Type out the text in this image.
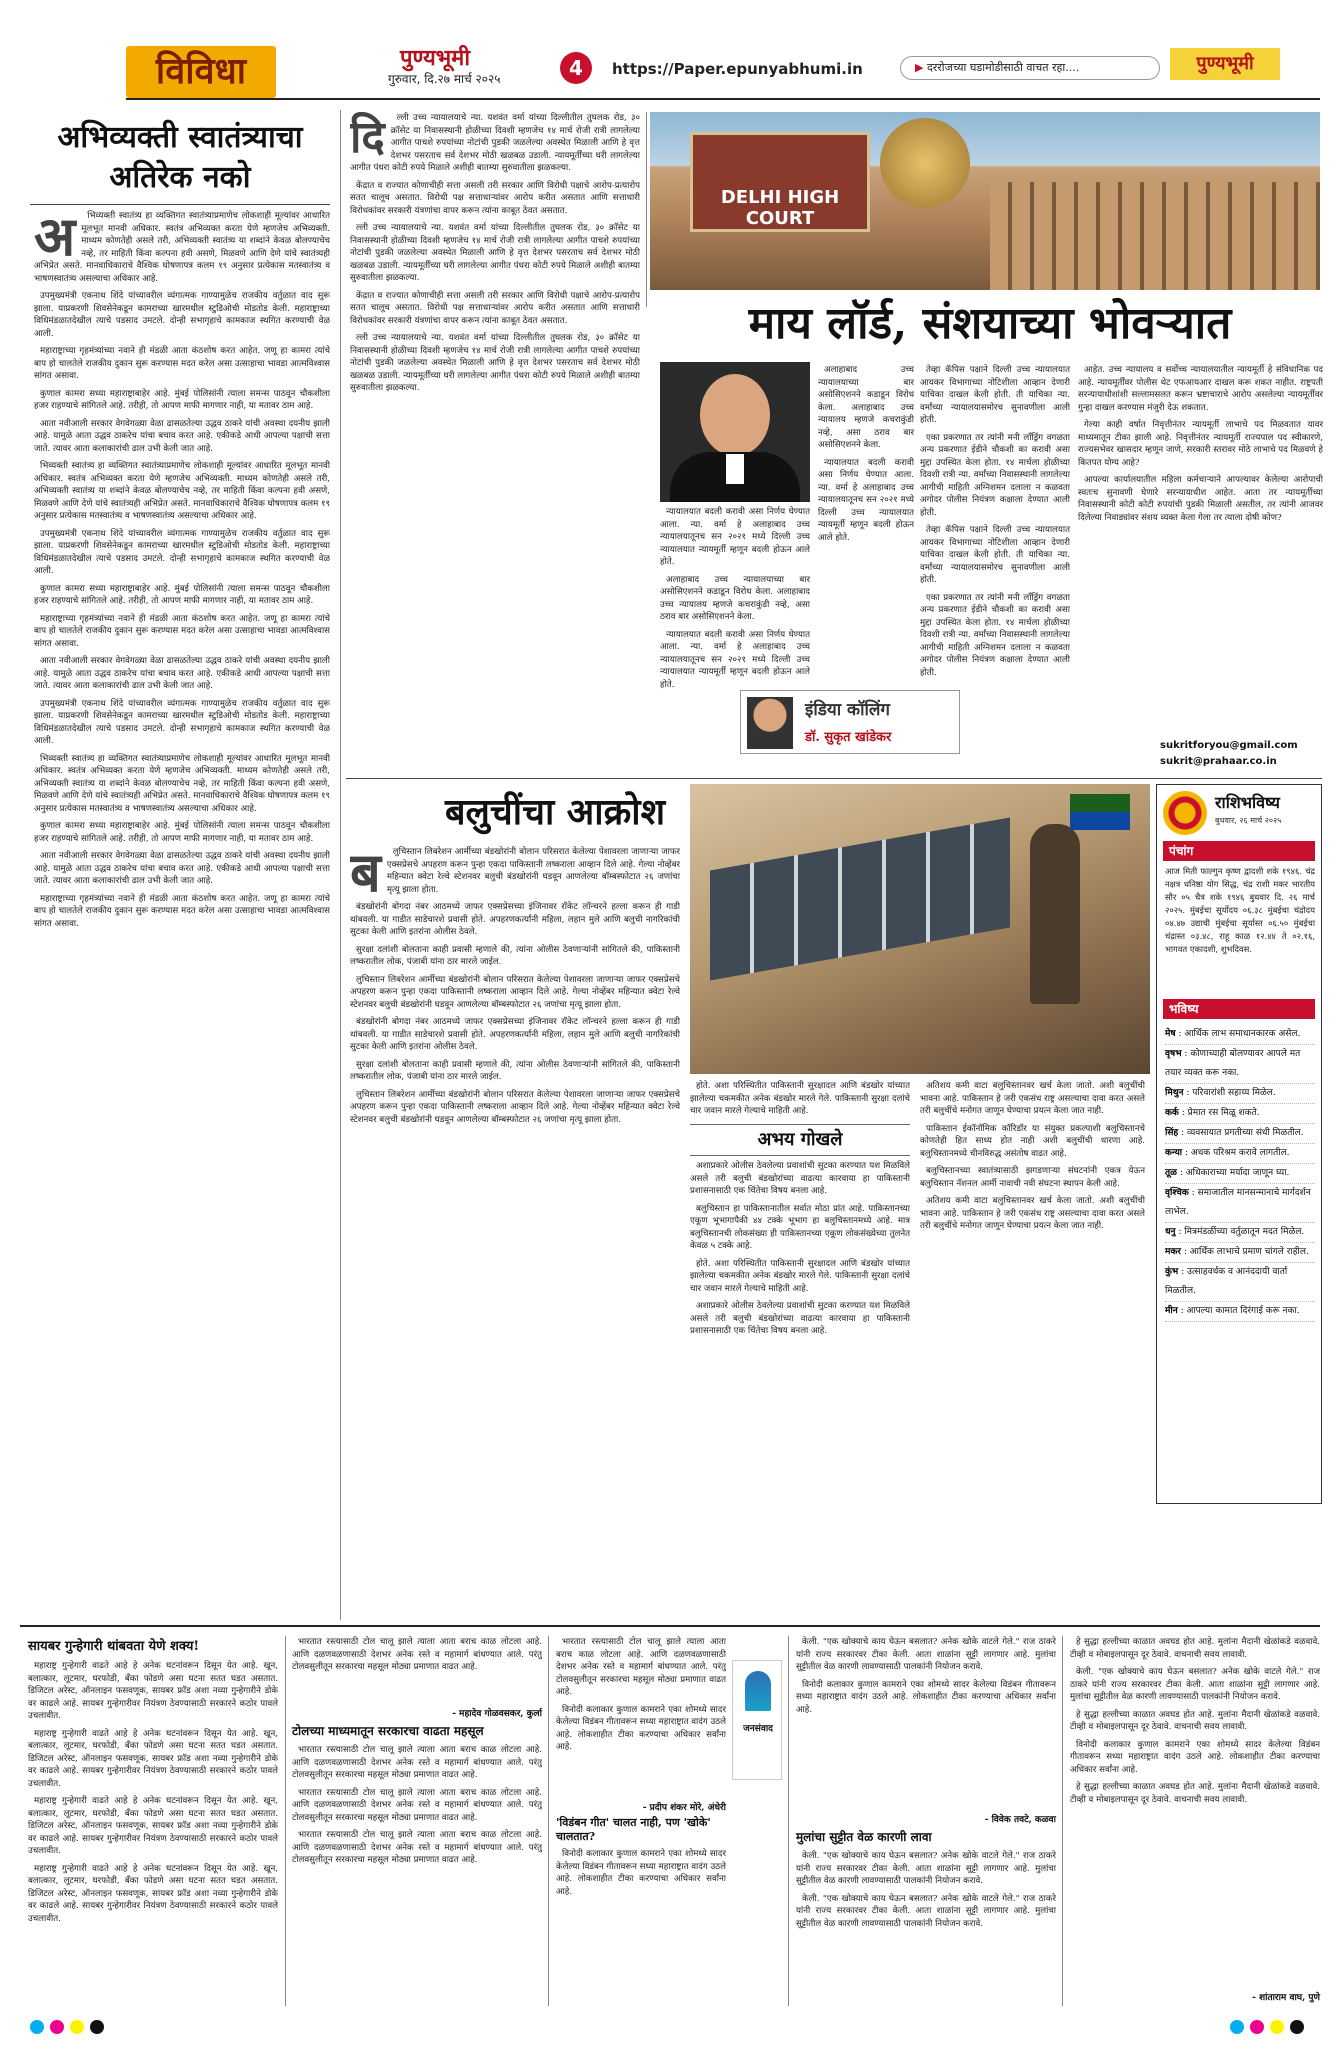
विविधा	पुण्यभूमी
गुरुवार, दि.२७ मार्च २०२५	4	https://Paper.epunyabhumi.in	▶ दररोजच्या घडामोडीसाठी वाचत रहा....	पुण्यभूमी
अभिव्यक्ती स्वातंत्र्याचा अतिरेक नको
अ	भिव्यक्ती स्वातंत्र्य हा व्यक्तिगत स्वातंत्र्याप्रमाणेच लोकशाही मूल्यांवर आधारित मूलभूत मानवी अधिकार. स्वतंत्र अभिव्यक्त करता येणे म्हणजेच अभिव्यक्ती. माध्यम कोणतेही असले तरी, अभिव्यक्ती स्वातंत्र्य या शब्दांने केवळ बोलण्याचेच नव्हे, तर माहिती किंवा कल्पना हवी असणे, मिळवणे आणि देणे यांचे स्वातंत्र्यही अभिप्रेत असते. मानवाधिकाराचे वैश्विक घोषणापत्र कलम १९ अनुसार प्रत्येकास मतस्वातंत्र्य व भाषणस्वातंत्र्य असल्याचा अधिकार आहे.

उपमुख्यमंत्री एकनाथ शिंदे यांच्यावरील व्यंगात्मक गाण्यामुळेच राजकीय वर्तुळात वाद सुरू झाला. याप्रकरणी शिवसेनेकडून कामराच्या खारमधील स्टुडिओची मोडतोड केली. महाराष्ट्राच्या विधिमंडळातदेखील त्याचे पडसाद उमटले. दोन्ही सभागृहाचे कामकाज स्थगित करण्याची वेळ आली.

महाराष्ट्राच्या गृहमंत्र्यांच्या नवाने ही मंडळी आता कंठशोष करत आहेत. जणू हा कामरा त्यांचे बाप हो चालतेले राजकीय दुकान सुरू करण्यास मदत करेल असा उत्साहाचा भावडा आत्मविश्वास सांगत असावा.

कुणाल कामरा सध्या महाराष्ट्राबाहेर आहे. मुंबई पोलिसांनी त्याला समन्स पाठवून चौकशीला हजर राहण्याचे सांगितले आहे. तरीही, तो आपण माफी मागणार नाही, या मतावर ठाम आहे.

आता नवीआली सरकार वेगवेगळ्या वेळा ढासळतेल्या उद्धव ठाकरे यांची अवस्था दयनीय झाली आहे. यामुळे आता उद्धव ठाकरेच यांचा बचाव करत आहे. एकीकडे आधी आपल्या पक्षाची सत्ता जाते. त्यावर आता कलाकारांची ढाल उभी केली जात आहे.

भिव्यक्ती स्वातंत्र्य हा व्यक्तिगत स्वातंत्र्याप्रमाणेच लोकशाही मूल्यांवर आधारित मूलभूत मानवी अधिकार. स्वतंत्र अभिव्यक्त करता येणे म्हणजेच अभिव्यक्ती. माध्यम कोणतेही असले तरी, अभिव्यक्ती स्वातंत्र्य या शब्दांने केवळ बोलण्याचेच नव्हे, तर माहिती किंवा कल्पना हवी असणे, मिळवणे आणि देणे यांचे स्वातंत्र्यही अभिप्रेत असते. मानवाधिकाराचे वैश्विक घोषणापत्र कलम १९ अनुसार प्रत्येकास मतस्वातंत्र्य व भाषणस्वातंत्र्य असल्याचा अधिकार आहे.

उपमुख्यमंत्री एकनाथ शिंदे यांच्यावरील व्यंगात्मक गाण्यामुळेच राजकीय वर्तुळात वाद सुरू झाला. याप्रकरणी शिवसेनेकडून कामराच्या खारमधील स्टुडिओची मोडतोड केली. महाराष्ट्राच्या विधिमंडळातदेखील त्याचे पडसाद उमटले. दोन्ही सभागृहाचे कामकाज स्थगित करण्याची वेळ आली.

कुणाल कामरा सध्या महाराष्ट्राबाहेर आहे. मुंबई पोलिसांनी त्याला समन्स पाठवून चौकशीला हजर राहण्याचे सांगितले आहे. तरीही, तो आपण माफी मागणार नाही, या मतावर ठाम आहे.

महाराष्ट्राच्या गृहमंत्र्यांच्या नवाने ही मंडळी आता कंठशोष करत आहेत. जणू हा कामरा त्यांचे बाप हो चालतेले राजकीय दुकान सुरू करण्यास मदत करेल असा उत्साहाचा भावडा आत्मविश्वास सांगत असावा.

आता नवीआली सरकार वेगवेगळ्या वेळा ढासळतेल्या उद्धव ठाकरे यांची अवस्था दयनीय झाली आहे. यामुळे आता उद्धव ठाकरेच यांचा बचाव करत आहे. एकीकडे आधी आपल्या पक्षाची सत्ता जाते. त्यावर आता कलाकारांची ढाल उभी केली जात आहे.

उपमुख्यमंत्री एकनाथ शिंदे यांच्यावरील व्यंगात्मक गाण्यामुळेच राजकीय वर्तुळात वाद सुरू झाला. याप्रकरणी शिवसेनेकडून कामराच्या खारमधील स्टुडिओची मोडतोड केली. महाराष्ट्राच्या विधिमंडळातदेखील त्याचे पडसाद उमटले. दोन्ही सभागृहाचे कामकाज स्थगित करण्याची वेळ आली.

भिव्यक्ती स्वातंत्र्य हा व्यक्तिगत स्वातंत्र्याप्रमाणेच लोकशाही मूल्यांवर आधारित मूलभूत मानवी अधिकार. स्वतंत्र अभिव्यक्त करता येणे म्हणजेच अभिव्यक्ती. माध्यम कोणतेही असले तरी, अभिव्यक्ती स्वातंत्र्य या शब्दांने केवळ बोलण्याचेच नव्हे, तर माहिती किंवा कल्पना हवी असणे, मिळवणे आणि देणे यांचे स्वातंत्र्यही अभिप्रेत असते. मानवाधिकाराचे वैश्विक घोषणापत्र कलम १९ अनुसार प्रत्येकास मतस्वातंत्र्य व भाषणस्वातंत्र्य असल्याचा अधिकार आहे.

कुणाल कामरा सध्या महाराष्ट्राबाहेर आहे. मुंबई पोलिसांनी त्याला समन्स पाठवून चौकशीला हजर राहण्याचे सांगितले आहे. तरीही, तो आपण माफी मागणार नाही, या मतावर ठाम आहे.

आता नवीआली सरकार वेगवेगळ्या वेळा ढासळतेल्या उद्धव ठाकरे यांची अवस्था दयनीय झाली आहे. यामुळे आता उद्धव ठाकरेच यांचा बचाव करत आहे. एकीकडे आधी आपल्या पक्षाची सत्ता जाते. त्यावर आता कलाकारांची ढाल उभी केली जात आहे.

महाराष्ट्राच्या गृहमंत्र्यांच्या नवाने ही मंडळी आता कंठशोष करत आहेत. जणू हा कामरा त्यांचे बाप हो चालतेले राजकीय दुकान सुरू करण्यास मदत करेल असा उत्साहाचा भावडा आत्मविश्वास सांगत असावा.

दि	ल्ली उच्च न्यायालयाचे न्या. यशवंत वर्मा यांच्या दिल्लीतील तुघलक रोड, ३० क्रॉसेट या निवासस्थानी होळीच्या दिवशी म्हणजेच १४ मार्च रोजी रात्री लागलेल्या आगीत पाचशे रुपयांच्या नोटांची पुडकी जळलेल्या अवस्थेत मिळाली आणि हे वृत्त देशभर पसरताच सर्व देशभर मोठी खळबळ उडाली. न्यायमूर्तींच्या घरी लागलेल्या आगीत पंधरा कोटी रुपये मिळाले अशीही बातम्या सुरुवातीला झळकल्या.

केंद्रात व राज्यात कोणाचीही सत्ता असली तरी सरकार आणि विरोधी पक्षाचे आरोप-प्रत्यारोप सतत चालूच असतात. विरोधी पक्ष सत्ताधाऱ्यांवर आरोप करीत असतात आणि सत्ताधारी विरोधकांवर सरकारी यंत्रणांचा वापर करून त्यांना काबूत ठेवत असतात.

ल्ली उच्च न्यायालयाचे न्या. यशवंत वर्मा यांच्या दिल्लीतील तुघलक रोड, ३० क्रॉसेट या निवासस्थानी होळीच्या दिवशी म्हणजेच १४ मार्च रोजी रात्री लागलेल्या आगीत पाचशे रुपयांच्या नोटांची पुडकी जळलेल्या अवस्थेत मिळाली आणि हे वृत्त देशभर पसरताच सर्व देशभर मोठी खळबळ उडाली. न्यायमूर्तींच्या घरी लागलेल्या आगीत पंधरा कोटी रुपये मिळाले अशीही बातम्या सुरुवातीला झळकल्या.

केंद्रात व राज्यात कोणाचीही सत्ता असली तरी सरकार आणि विरोधी पक्षाचे आरोप-प्रत्यारोप सतत चालूच असतात. विरोधी पक्ष सत्ताधाऱ्यांवर आरोप करीत असतात आणि सत्ताधारी विरोधकांवर सरकारी यंत्रणांचा वापर करून त्यांना काबूत ठेवत असतात.

ल्ली उच्च न्यायालयाचे न्या. यशवंत वर्मा यांच्या दिल्लीतील तुघलक रोड, ३० क्रॉसेट या निवासस्थानी होळीच्या दिवशी म्हणजेच १४ मार्च रोजी रात्री लागलेल्या आगीत पाचशे रुपयांच्या नोटांची पुडकी जळलेल्या अवस्थेत मिळाली आणि हे वृत्त देशभर पसरताच सर्व देशभर मोठी खळबळ उडाली. न्यायमूर्तींच्या घरी लागलेल्या आगीत पंधरा कोटी रुपये मिळाले अशीही बातम्या सुरुवातीला झळकल्या.

DELHI HIGH COURT
माय लॉर्ड, संशयाच्या भोवऱ्यात

न्यायालयात बदली करावी असा निर्णय घेण्यात आला. न्या. वर्मा हे अलाहाबाद उच्च न्यायालयातूनच सन २०२१ मध्ये दिल्ली उच्च न्यायालयात न्यायमूर्ती म्हणून बदली होऊन आले होते.

अलाहाबाद उच्च न्यायालयाच्या बार असोसिएशनने कडाडून विरोध केला. अलाहाबाद उच्च न्यायालय म्हणजे कचराकुंडी नव्हे, असा ठराव बार असोसिएशनने केला.

न्यायालयात बदली करावी असा निर्णय घेण्यात आला. न्या. वर्मा हे अलाहाबाद उच्च न्यायालयातूनच सन २०२१ मध्ये दिल्ली उच्च न्यायालयात न्यायमूर्ती म्हणून बदली होऊन आले होते.

तेव्हा कॅपिस पक्षाने दिल्ली उच्च न्यायालयात आयकर विभागाच्या नोटिशीला आव्हान देणारी याचिका दाखल केली होती. ती याचिका न्या. वर्मांच्या न्यायालयासमोरच सुनावणीला आली होती.

एका प्रकरणात तर त्यांनी मनी लाँड्रिंग वगळता अन्य प्रकरणात ईडीने चौकशी का करावी असा मुद्दा उपस्थित केला होता. १४ मार्चला होळीच्या दिवशी रात्री न्या. वर्मांच्या निवासस्थानी लागलेल्या आगीची माहिती अग्निशमन दलाला न कळवता अगोदर पोलीस नियंत्रण कक्षाला देण्यात आली होती.

तेव्हा कॅपिस पक्षाने दिल्ली उच्च न्यायालयात आयकर विभागाच्या नोटिशीला आव्हान देणारी याचिका दाखल केली होती. ती याचिका न्या. वर्मांच्या न्यायालयासमोरच सुनावणीला आली होती.

एका प्रकरणात तर त्यांनी मनी लाँड्रिंग वगळता अन्य प्रकरणात ईडीने चौकशी का करावी असा मुद्दा उपस्थित केला होता. १४ मार्चला होळीच्या दिवशी रात्री न्या. वर्मांच्या निवासस्थानी लागलेल्या आगीची माहिती अग्निशमन दलाला न कळवता अगोदर पोलीस नियंत्रण कक्षाला देण्यात आली होती.

अलाहाबाद उच्च न्यायालयाच्या बार असोसिएशनने कडाडून विरोध केला. अलाहाबाद उच्च न्यायालय म्हणजे कचराकुंडी नव्हे, असा ठराव बार असोसिएशनने केला.

न्यायालयात बदली करावी असा निर्णय घेण्यात आला. न्या. वर्मा हे अलाहाबाद उच्च न्यायालयातूनच सन २०२१ मध्ये दिल्ली उच्च न्यायालयात न्यायमूर्ती म्हणून बदली होऊन आले होते.

इंडिया कॉलिंग
डॉ. सुकृत खांडेकर

आहेत. उच्च न्यायालय व सर्वोच्च न्यायालयातील न्यायमूर्ती हे संविधानिक पद आहे. न्यायमूर्तींवर पोलीस थेट एफआयआर दाखल करू शकत नाहीत. राष्ट्रपती सरन्यायाधीशांशी सल्लामसलत करून भ्रष्टाचाराचे आरोप असलेल्या न्यायमूर्तीवर गुन्हा दाखल करण्यास मंजुरी देऊ शकतात.

गेल्या काही वर्षात निवृत्तीनंतर न्यायमूर्ती लाभाचे पद मिळवतात यावर माध्यमातून टीका झाली आहे. निवृत्तीनंतर न्यायमूर्ती राज्यपाल पद स्वीकारणे, राज्यसभेवर खासदार म्हणून जाणे, सरकारी स्तरावर मोठे लाभाचे पद मिळवणे हे कितपत योग्य आहे?

आपल्या कार्यालयातील महिला कर्मचाऱ्याने आपल्यावर केलेल्या आरोपाची स्वतःच सुनावणी घेणारे सरन्यायाधीश आहेत. आता तर न्यायमूर्तीच्या निवासस्थानी कोटी कोटी रुपयांची पुडकी मिळाली असतील, तर त्यांनी आजवर दिलेल्या निवाड्यांवर संशय व्यक्त केला गेला तर त्याला दोषी कोण?

sukritforyou@gmail.com
sukrit@prahaar.co.in
बलुचींचा आक्रोश
ब	लुचिस्तान लिबरेशन आर्मीच्या बंडखोरांनी बोलान परिसरात केलेल्या पेशावरला जाणाऱ्या जाफर एक्सप्रेसचे अपहरण करून पुन्हा एकदा पाकिस्तानी लष्कराला आव्हान दिले आहे. गेल्या नोव्हेंबर महिन्यात क्वेटा रेल्वे स्टेशनवर बलुची बंडखोरांनी घडवून आणलेल्या बॉम्बस्फोटात २६ जणांचा मृत्यू झाला होता.

बंडखोरांनी बोगदा नंबर आठमध्ये जाफर एक्सप्रेसच्या इंजिनावर रॉकेट लॉन्चरने हल्ला करून ही गाडी थांबवली. या गाडीत साडेचारशे प्रवासी होते. अपहरणकर्त्यांनी महिला, लहान मुले आणि बलुची नागरिकांची सुटका केली आणि इतरांना ओलीस ठेवले.

सुरक्षा दलांशी बोलताना काही प्रवासी म्हणाले की, त्यांना ओलीस ठेवणाऱ्यांनी सांगितले की, पाकिस्तानी लष्करातील लोक, पंजाबी यांना ठार मारले जाईल.

लुचिस्तान लिबरेशन आर्मीच्या बंडखोरांनी बोलान परिसरात केलेल्या पेशावरला जाणाऱ्या जाफर एक्सप्रेसचे अपहरण करून पुन्हा एकदा पाकिस्तानी लष्कराला आव्हान दिले आहे. गेल्या नोव्हेंबर महिन्यात क्वेटा रेल्वे स्टेशनवर बलुची बंडखोरांनी घडवून आणलेल्या बॉम्बस्फोटात २६ जणांचा मृत्यू झाला होता.

बंडखोरांनी बोगदा नंबर आठमध्ये जाफर एक्सप्रेसच्या इंजिनावर रॉकेट लॉन्चरने हल्ला करून ही गाडी थांबवली. या गाडीत साडेचारशे प्रवासी होते. अपहरणकर्त्यांनी महिला, लहान मुले आणि बलुची नागरिकांची सुटका केली आणि इतरांना ओलीस ठेवले.

सुरक्षा दलांशी बोलताना काही प्रवासी म्हणाले की, त्यांना ओलीस ठेवणाऱ्यांनी सांगितले की, पाकिस्तानी लष्करातील लोक, पंजाबी यांना ठार मारले जाईल.

लुचिस्तान लिबरेशन आर्मीच्या बंडखोरांनी बोलान परिसरात केलेल्या पेशावरला जाणाऱ्या जाफर एक्सप्रेसचे अपहरण करून पुन्हा एकदा पाकिस्तानी लष्कराला आव्हान दिले आहे. गेल्या नोव्हेंबर महिन्यात क्वेटा रेल्वे स्टेशनवर बलुची बंडखोरांनी घडवून आणलेल्या बॉम्बस्फोटात २६ जणांचा मृत्यू झाला होता.

होते. अशा परिस्थितीत पाकिस्तानी सुरक्षादल आणि बंडखोर यांच्यात झालेल्या चकमकीत अनेक बंडखोर मारले गेले. पाकिस्तानी सुरक्षा दलांचे चार जवान मारले गेल्याचे माहिती आहे.

अभय गोखले

अशाप्रकारे ओलीस ठेवलेल्या प्रवाशांची सुटका करण्यात यश मिळविले असले तरी बलुची बंडखोरांच्या वाढत्या कारवाया हा पाकिस्तानी प्रशासनासाठी एक चिंतेचा विषय बनला आहे.

बलुचिस्तान हा पाकिस्तानातील सर्वात मोठा प्रांत आहे. पाकिस्तानच्या एकूण भूभागापैकी ४४ टक्के भूभाग हा बलुचिस्तानमध्ये आहे. मात्र बलुचिस्तानची लोकसंख्या ही पाकिस्तानच्या एकूण लोकसंख्येच्या तुलनेत केवळ ५ टक्के आहे.

होते. अशा परिस्थितीत पाकिस्तानी सुरक्षादल आणि बंडखोर यांच्यात झालेल्या चकमकीत अनेक बंडखोर मारले गेले. पाकिस्तानी सुरक्षा दलांचे चार जवान मारले गेल्याचे माहिती आहे.

अशाप्रकारे ओलीस ठेवलेल्या प्रवाशांची सुटका करण्यात यश मिळविले असले तरी बलुची बंडखोरांच्या वाढत्या कारवाया हा पाकिस्तानी प्रशासनासाठी एक चिंतेचा विषय बनला आहे.

अतिशय कमी वाटा बलुचिस्तानवर खर्च केला जातो. अशी बलुचींची भावना आहे. पाकिस्तान हे जरी एकसंध राष्ट्र असल्याचा दावा करत असले तरी बलुचींचे मनोगत जाणून घेण्याचा प्रयत्न केला जात नाही.

पाकिस्तान ईकॉनॉमिक कॉरिडॉर या संयुक्त प्रकल्पाशी बलुचिस्तानचे कोणतेही हित साध्य होत नाही अशी बलुचींची धारणा आहे. बलुचिस्तानमध्ये चीनविरुद्ध असंतोष वाढत आहे.

बलुचिस्तानच्या स्वातंत्र्यासाठी झगडणाऱ्या संघटनांनी एकत्र येऊन बलुचिस्तान नॅशनल आर्मी नावाची नवी संघटना स्थापन केली आहे.

अतिशय कमी वाटा बलुचिस्तानवर खर्च केला जातो. अशी बलुचींची भावना आहे. पाकिस्तान हे जरी एकसंध राष्ट्र असल्याचा दावा करत असले तरी बलुचींचे मनोगत जाणून घेण्याचा प्रयत्न केला जात नाही.

राशिभविष्य
बुधवार, २६ मार्च २०२५
पंचांग
आज मिती फाल्गुन कृष्ण द्वादशी शके १९४६. चंद्र नक्षत्र धनिष्ठा योग सिद्ध, चंद्र राशी मकर भारतीय सौर ०५ चैत्र शके १९४६ बुधवार दि. २६ मार्च २०२५. मुंबईचा सूर्योदय ०६.३८ मुंबईचा चंद्रोदय ०४.४७ उद्याची मुंबईचा सूर्यास्त ०६.५० मुंबईचा चंद्रास्त ०३.४८, राहू काळ १२.४४ ते ०२.१६, भागवत एकादशी, शुभदिवस.
भविष्य
मेष : आर्थिक लाभ समाधानकारक असेल.
वृषभ : कोणाच्याही बोलण्यावर आपले मत तयार व्यक्त करू नका.
मिथुन : परिवारांशी सहाय्य मिळेल.
कर्क : प्रेमात रस मिळू शकते.
सिंह : व्यवसायात प्रगतीच्या संधी मिळतील.
कन्या : अधक परिश्रम करावे लागतील.
तूळ : अधिकाराच्या मर्यादा जाणून घ्या.
वृश्चिक : समाजातील मानसन्मानाचे मार्गदर्शन लाभेल.
धनु : मित्रमंडळींच्या वर्तुळातून मदत मिळेल.
मकर : आर्थिक लाभाचे प्रमाण चांगले राहील.
कुंभ : उत्साहवर्धक व आनंददायी वार्ता मिळतील.
मीन : आपल्या कामात दिरंगाई करू नका.
सायबर गुन्हेगारी थांबवता येणे शक्य!

महाराष्ट्र गुन्हेगारी वाढते आहे हे अनेक घटनांवरून दिसून येत आहे. खून, बलात्कार, लूटमार, घरफोडी, बँका फोडणे असा घटना सतत घडत असतात. डिजिटल अरेस्ट, ऑनलाइन फसवणूक, सायबर फ्रॉड अशा नव्या गुन्हेगारीने डोके वर काढले आहे. सायबर गुन्हेगारीवर नियंत्रण ठेवण्यासाठी सरकारने कठोर पावले उचलावीत.

महाराष्ट्र गुन्हेगारी वाढते आहे हे अनेक घटनांवरून दिसून येत आहे. खून, बलात्कार, लूटमार, घरफोडी, बँका फोडणे असा घटना सतत घडत असतात. डिजिटल अरेस्ट, ऑनलाइन फसवणूक, सायबर फ्रॉड अशा नव्या गुन्हेगारीने डोके वर काढले आहे. सायबर गुन्हेगारीवर नियंत्रण ठेवण्यासाठी सरकारने कठोर पावले उचलावीत.

महाराष्ट्र गुन्हेगारी वाढते आहे हे अनेक घटनांवरून दिसून येत आहे. खून, बलात्कार, लूटमार, घरफोडी, बँका फोडणे असा घटना सतत घडत असतात. डिजिटल अरेस्ट, ऑनलाइन फसवणूक, सायबर फ्रॉड अशा नव्या गुन्हेगारीने डोके वर काढले आहे. सायबर गुन्हेगारीवर नियंत्रण ठेवण्यासाठी सरकारने कठोर पावले उचलावीत.

महाराष्ट्र गुन्हेगारी वाढते आहे हे अनेक घटनांवरून दिसून येत आहे. खून, बलात्कार, लूटमार, घरफोडी, बँका फोडणे असा घटना सतत घडत असतात. डिजिटल अरेस्ट, ऑनलाइन फसवणूक, सायबर फ्रॉड अशा नव्या गुन्हेगारीने डोके वर काढले आहे. सायबर गुन्हेगारीवर नियंत्रण ठेवण्यासाठी सरकारने कठोर पावले उचलावीत.

भारतात रस्त्यासाठी टोल चालू झाले त्याला आता बराच काळ लोटला आहे. आणि दळणवळणासाठी देशभर अनेक रस्ते व महामार्ग बांधण्यात आले. परंतु टोलवसुलीतून सरकारचा महसूल मोठ्या प्रमाणात वाढत आहे.

- महादेव गोळवसकर, कुर्ला
टोलच्या माध्यमातून सरकारचा वाढता महसूल

भारतात रस्त्यासाठी टोल चालू झाले त्याला आता बराच काळ लोटला आहे. आणि दळणवळणासाठी देशभर अनेक रस्ते व महामार्ग बांधण्यात आले. परंतु टोलवसुलीतून सरकारचा महसूल मोठ्या प्रमाणात वाढत आहे.

भारतात रस्त्यासाठी टोल चालू झाले त्याला आता बराच काळ लोटला आहे. आणि दळणवळणासाठी देशभर अनेक रस्ते व महामार्ग बांधण्यात आले. परंतु टोलवसुलीतून सरकारचा महसूल मोठ्या प्रमाणात वाढत आहे.

भारतात रस्त्यासाठी टोल चालू झाले त्याला आता बराच काळ लोटला आहे. आणि दळणवळणासाठी देशभर अनेक रस्ते व महामार्ग बांधण्यात आले. परंतु टोलवसुलीतून सरकारचा महसूल मोठ्या प्रमाणात वाढत आहे.

भारतात रस्त्यासाठी टोल चालू झाले त्याला आता बराच काळ लोटला आहे. आणि दळणवळणासाठी देशभर अनेक रस्ते व महामार्ग बांधण्यात आले. परंतु टोलवसुलीतून सरकारचा महसूल मोठ्या प्रमाणात वाढत आहे.

विनोदी कलाकार कुणाल कामराने एका शोमध्ये सादर केलेल्या विडंबन गीतावरून सध्या महाराष्ट्रात वादंग उठले आहे. लोकशाहीत टीका करण्याचा अधिकार सर्वांना आहे.

- प्रदीप शंकर मोरे, अंधेरी
'विडंबन गीत' चालत नाही, पण 'खोके' चालतात?

विनोदी कलाकार कुणाल कामराने एका शोमध्ये सादर केलेल्या विडंबन गीतावरून सध्या महाराष्ट्रात वादंग उठले आहे. लोकशाहीत टीका करण्याचा अधिकार सर्वांना आहे.

जनसंवाद

केली. "एक खोक्याचे काय घेऊन बसलात? अनेक खोके वाटले गेले." राज ठाकरे यांनी राज्य सरकारवर टीका केली. आता शाळांना सुट्टी लागणार आहे. मुलांचा सुट्टीतील वेळ कारणी लावण्यासाठी पालकांनी नियोजन करावे.

विनोदी कलाकार कुणाल कामराने एका शोमध्ये सादर केलेल्या विडंबन गीतावरून सध्या महाराष्ट्रात वादंग उठले आहे. लोकशाहीत टीका करण्याचा अधिकार सर्वांना आहे.

- विवेक तवटे, कळवा
मुलांचा सुट्टीत वेळ कारणी लावा

केली. "एक खोक्याचे काय घेऊन बसलात? अनेक खोके वाटले गेले." राज ठाकरे यांनी राज्य सरकारवर टीका केली. आता शाळांना सुट्टी लागणार आहे. मुलांचा सुट्टीतील वेळ कारणी लावण्यासाठी पालकांनी नियोजन करावे.

केली. "एक खोक्याचे काय घेऊन बसलात? अनेक खोके वाटले गेले." राज ठाकरे यांनी राज्य सरकारवर टीका केली. आता शाळांना सुट्टी लागणार आहे. मुलांचा सुट्टीतील वेळ कारणी लावण्यासाठी पालकांनी नियोजन करावे.

हे सुद्धा हल्लीच्या काळात अवघड होत आहे. मुलांना मैदानी खेळांकडे वळवावे. टीव्ही व मोबाइलपासून दूर ठेवावे. वाचनाची सवय लावावी.

केली. "एक खोक्याचे काय घेऊन बसलात? अनेक खोके वाटले गेले." राज ठाकरे यांनी राज्य सरकारवर टीका केली. आता शाळांना सुट्टी लागणार आहे. मुलांचा सुट्टीतील वेळ कारणी लावण्यासाठी पालकांनी नियोजन करावे.

हे सुद्धा हल्लीच्या काळात अवघड होत आहे. मुलांना मैदानी खेळांकडे वळवावे. टीव्ही व मोबाइलपासून दूर ठेवावे. वाचनाची सवय लावावी.

विनोदी कलाकार कुणाल कामराने एका शोमध्ये सादर केलेल्या विडंबन गीतावरून सध्या महाराष्ट्रात वादंग उठले आहे. लोकशाहीत टीका करण्याचा अधिकार सर्वांना आहे.

हे सुद्धा हल्लीच्या काळात अवघड होत आहे. मुलांना मैदानी खेळांकडे वळवावे. टीव्ही व मोबाइलपासून दूर ठेवावे. वाचनाची सवय लावावी.

- शांताराम वाघ, पुणे
